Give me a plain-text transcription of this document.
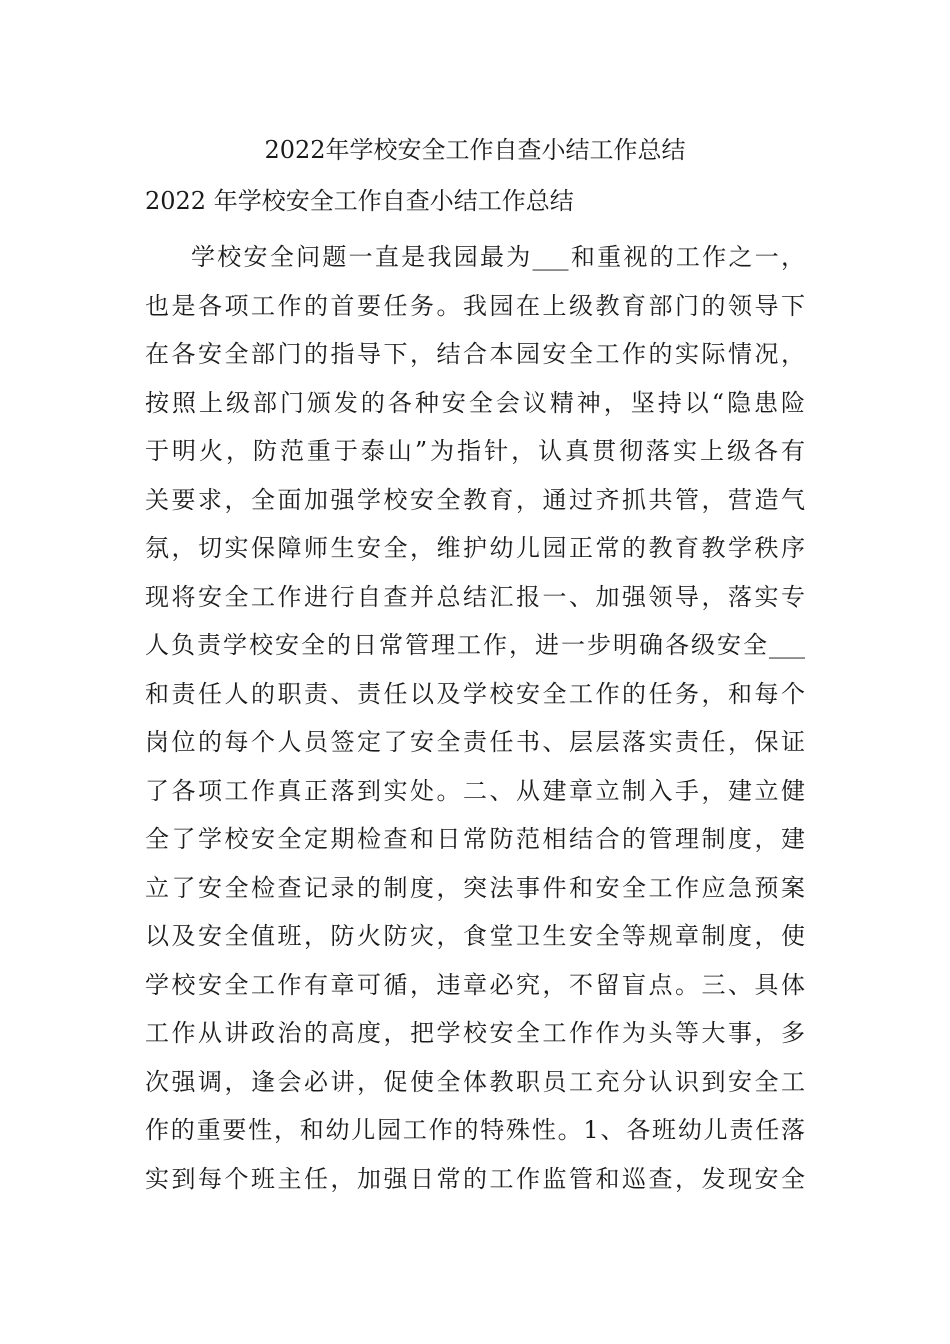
2022年学校安全工作自查小结工作总结
2022 年学校安全工作自查小结工作总结
学校安全问题一直是我园最为___和重视的工作之一，
也是各项工作的首要任务。我园在上级教育部门的领导下
在各安全部门的指导下，结合本园安全工作的实际情况，
按照上级部门颁发的各种安全会议精神，坚持以“隐患险
于明火，防范重于泰山”为指针，认真贯彻落实上级各有
关要求，全面加强学校安全教育，通过齐抓共管，营造气
氛，切实保障师生安全，维护幼儿园正常的教育教学秩序
现将安全工作进行自查并总结汇报一、加强领导，落实专
人负责学校安全的日常管理工作，进一步明确各级安全___
和责任人的职责、责任以及学校安全工作的任务，和每个
岗位的每个人员签定了安全责任书、层层落实责任，保证
了各项工作真正落到实处。二、从建章立制入手，建立健
全了学校安全定期检查和日常防范相结合的管理制度，建
立了安全检查记录的制度，突法事件和安全工作应急预案
以及安全值班，防火防灾，食堂卫生安全等规章制度，使
学校安全工作有章可循，违章必究，不留盲点。三、具体
工作从讲政治的高度，把学校安全工作作为头等大事，多
次强调，逢会必讲，促使全体教职员工充分认识到安全工
作的重要性，和幼儿园工作的特殊性。1、各班幼儿责任落
实到每个班主任，加强日常的工作监管和巡查，发现安全
